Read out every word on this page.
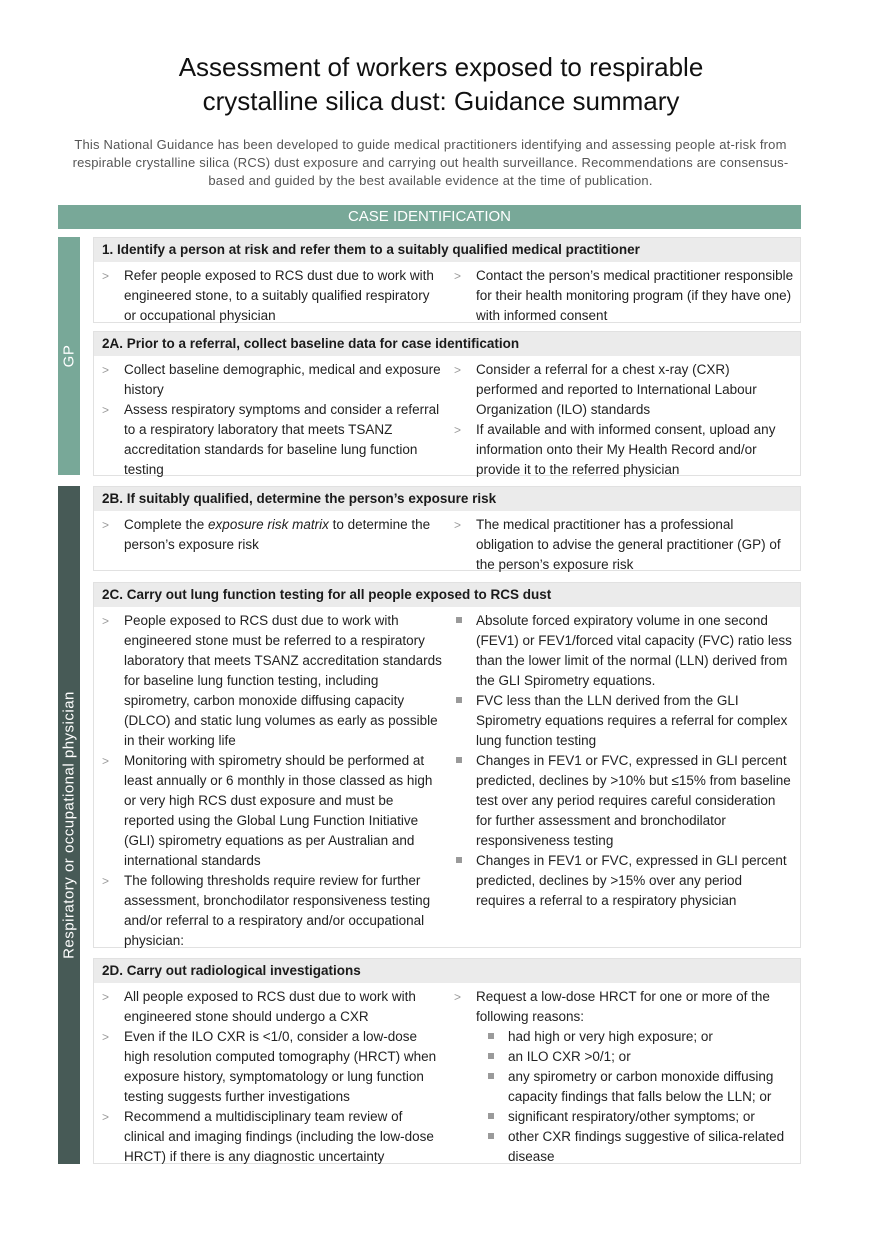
Assessment of workers exposed to respirable
crystalline silica dust: Guidance summary
This National Guidance has been developed to guide medical practitioners identifying and assessing people at-risk from respirable crystalline silica (RCS) dust exposure and carrying out health surveillance. Recommendations are consensus-based and guided by the best available evidence at the time of publication.
CASE IDENTIFICATION
GP
Respiratory or occupational physician
1. Identify a person at risk and refer them to a suitably qualified medical practitioner
>	Refer people exposed to RCS dust due to work with engineered stone, to a suitably qualified respiratory or occupational physician
>	Contact the person’s medical practitioner responsible for their health monitoring program (if they have one) with informed consent
2A. Prior to a referral, collect baseline data for case identification
>	Collect baseline demographic, medical and exposure history
>	Assess respiratory symptoms and consider a referral to a respiratory laboratory that meets TSANZ accreditation standards for baseline lung function testing
>	Consider a referral for a chest x-ray (CXR) performed and reported to International Labour Organization (ILO) standards
>	If available and with informed consent, upload any information onto their My Health Record and/or provide it to the referred physician
2B. If suitably qualified, determine the person’s exposure risk
>	Complete the exposure risk matrix to determine the person’s exposure risk
>	The medical practitioner has a professional obligation to advise the general practitioner (GP) of the person’s exposure risk
2C. Carry out lung function testing for all people exposed to RCS dust
>	People exposed to RCS dust due to work with engineered stone must be referred to a respiratory laboratory that meets TSANZ accreditation standards for baseline lung function testing, including spirometry, carbon monoxide diffusing capacity (DLCO) and static lung volumes as early as possible in their working life
>	Monitoring with spirometry should be performed at least annually or 6 monthly in those classed as high or very high RCS dust exposure and must be reported using the Global Lung Function Initiative (GLI) spirometry equations as per Australian and international standards
>	The following thresholds require review for further assessment, bronchodilator responsiveness testing and/or referral to a respiratory and/or occupational physician:
Absolute forced expiratory volume in one second (FEV1) or FEV1/forced vital capacity (FVC) ratio less than the lower limit of the normal (LLN) derived from the GLI Spirometry equations.
FVC less than the LLN derived from the GLI Spirometry equations requires a referral for complex lung function testing
Changes in FEV1 or FVC, expressed in GLI percent predicted, declines by >10% but ≤15% from baseline test over any period requires careful consideration for further assessment and bronchodilator responsiveness testing
Changes in FEV1 or FVC, expressed in GLI percent predicted, declines by >15% over any period requires a referral to a respiratory physician
2D. Carry out radiological investigations
>	All people exposed to RCS dust due to work with engineered stone should undergo a CXR
>	Even if the ILO CXR is <1/0, consider a low-dose high resolution computed tomography (HRCT) when exposure history, symptomatology or lung function testing suggests further investigations
>	Recommend a multidisciplinary team review of clinical and imaging findings (including the low-dose HRCT) if there is any diagnostic uncertainty
>	Request a low-dose HRCT for one or more of the following reasons:
had high or very high exposure; or
an ILO CXR >0/1; or
any spirometry or carbon monoxide diffusing capacity findings that falls below the LLN; or
significant respiratory/other symptoms; or
other CXR findings suggestive of silica-related disease
